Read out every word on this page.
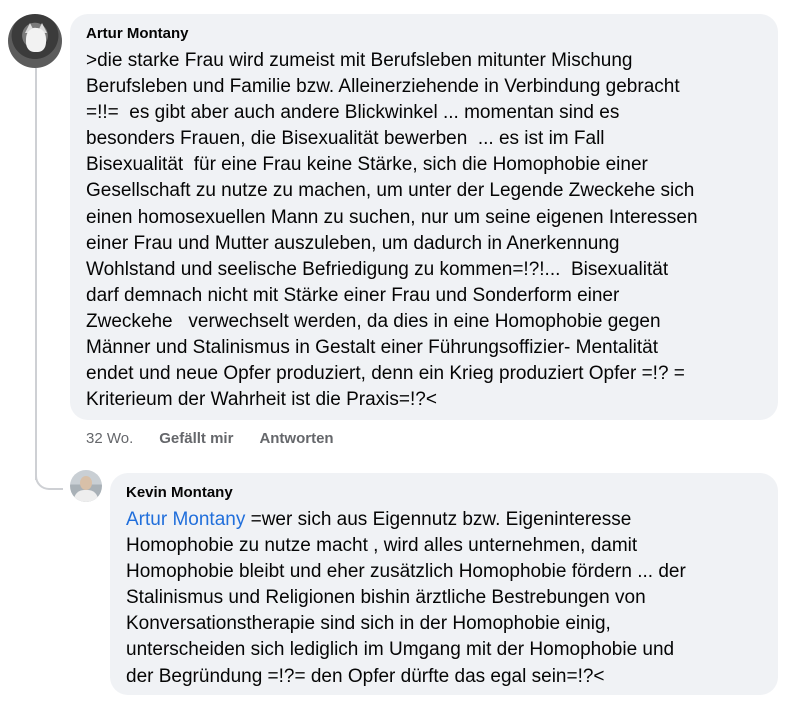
Artur Montany
>die starke Frau wird zumeist mit Berufsleben mitunter Mischung
Berufsleben und Familie bzw. Alleinerziehende in Verbindung gebracht
=!!=  es gibt aber auch andere Blickwinkel ... momentan sind es
besonders Frauen, die Bisexualität bewerben  ... es ist im Fall
Bisexualität  für eine Frau keine Stärke, sich die Homophobie einer
Gesellschaft zu nutze zu machen, um unter der Legende Zweckehe sich
einen homosexuellen Mann zu suchen, nur um seine eigenen Interessen
einer Frau und Mutter auszuleben, um dadurch in Anerkennung
Wohlstand und seelische Befriedigung zu kommen=!?!...  Bisexualität
darf demnach nicht mit Stärke einer Frau und Sonderform einer
Zweckehe   verwechselt werden, da dies in eine Homophobie gegen
Männer und Stalinismus in Gestalt einer Führungsoffizier- Mentalität
endet und neue Opfer produziert, denn ein Krieg produziert Opfer =!? =
Kriterieum der Wahrheit ist die Praxis=!?<
32 Wo. Gefällt mir Antworten
Kevin Montany
Artur Montany =wer sich aus Eigennutz bzw. Eigeninteresse
Homophobie zu nutze macht , wird alles unternehmen, damit
Homophobie bleibt und eher zusätzlich Homophobie fördern ... der
Stalinismus und Religionen bishin ärztliche Bestrebungen von
Konversationstherapie sind sich in der Homophobie einig,
unterscheiden sich lediglich im Umgang mit der Homophobie und
der Begründung =!?= den Opfer dürfte das egal sein=!?<
